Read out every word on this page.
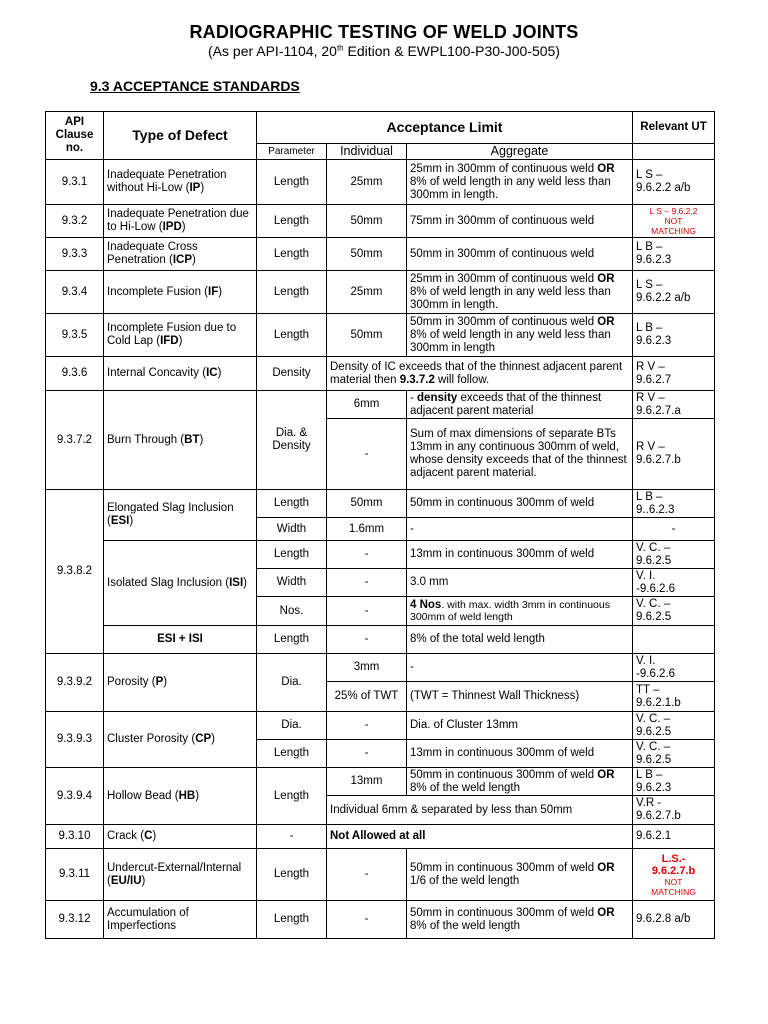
RADIOGRAPHIC TESTING OF WELD JOINTS
(As per API-1104, 20th Edition & EWPL100-P30-J00-505)
9.3 ACCEPTANCE STANDARDS
API Clause no.	Type of Defect	Acceptance Limit			Relevant UT
		Parameter	Individual	Aggregate	
9.3.1	Inadequate Penetration without Hi-Low (IP)	Length	25mm	25mm in 300mm of continuous weld OR 8% of weld length in any weld less than 300mm in length.	L S –
9.6.2.2 a/b
9.3.2	Inadequate Penetration due to Hi-Low (IPD)	Length	50mm	75mm in 300mm of continuous weld	L S – 9.6.2.2
NOT
MATCHING
9.3.3	Inadequate Cross Penetration (ICP)	Length	50mm	50mm in 300mm of continuous weld	L B –
9.6.2.3
9.3.4	Incomplete Fusion (IF)	Length	25mm	25mm in 300mm of continuous weld OR 8% of weld length in any weld less than 300mm in length.	L S –
9.6.2.2 a/b
9.3.5	Incomplete Fusion due to Cold Lap (IFD)	Length	50mm	50mm in 300mm of continuous weld OR 8% of weld length in any weld less than 300mm in length	L B –
9.6.2.3
9.3.6	Internal Concavity (IC)	Density	Density of IC exceeds that of the thinnest adjacent parent material then 9.3.7.2 will follow.		R V –
9.6.2.7
9.3.7.2	Burn Through (BT)	Dia. & Density	6mm	- density exceeds that of the thinnest adjacent parent material	R V –
9.6.2.7.a
			-	Sum of max dimensions of separate BTs 13mm in any continuous 300mm of weld, whose density exceeds that of the thinnest adjacent parent material.	R V –
9.6.2.7.b
9.3.8.2	Elongated Slag Inclusion (ESI)	Length	50mm	50mm in continuous 300mm of weld	L B –
9..6.2.3
		Width	1.6mm	-	-
	Isolated Slag Inclusion (ISI)	Length	-	13mm in continuous 300mm of weld	V. C. –
9.6.2.5
		Width	-	3.0 mm	V. I.
-9.6.2.6
		Nos.	-	4 Nos. with max. width 3mm in continuous 300mm of weld length	V. C. –
9.6.2.5
	ESI + ISI	Length	-	8% of the total weld length	
9.3.9.2	Porosity (P)	Dia.	3mm	-	V. I.
-9.6.2.6
			25% of TWT	(TWT = Thinnest Wall Thickness)	TT –
9.6.2.1.b
9.3.9.3	Cluster Porosity (CP)	Dia.	-	Dia. of Cluster 13mm	V. C. –
9.6.2.5
		Length	-	13mm in continuous 300mm of weld	V. C. –
9.6.2.5
9.3.9.4	Hollow Bead (HB)	Length	13mm	50mm in continuous 300mm of weld OR 8% of the weld length	L B –
9.6.2.3
			Individual 6mm & separated by less than 50mm		V.R -
9.6.2.7.b
9.3.10	Crack (C)	-	Not Allowed at all		9.6.2.1
9.3.11	Undercut-External/Internal (EU/IU)	Length	-	50mm in continuous 300mm of weld OR 1/6 of the weld length	L.S.-
9.6.2.7.b
NOT
MATCHING

9.3.12	Accumulation of Imperfections	Length	-	50mm in continuous 300mm of weld OR 8% of the weld length	9.6.2.8 a/b
